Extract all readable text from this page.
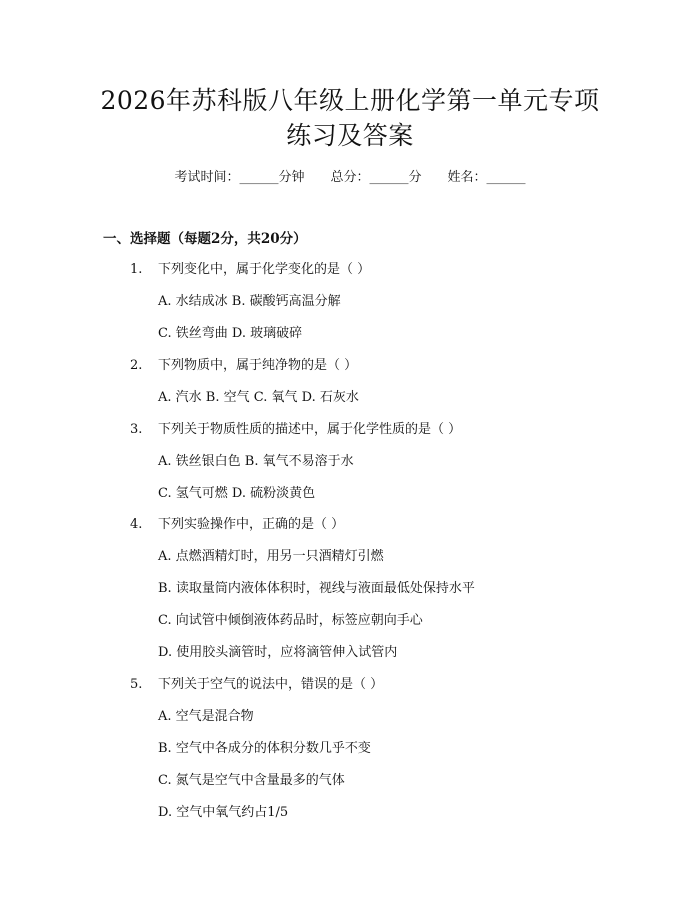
2026年苏科版八年级上册化学第一单元专项
练习及答案
考试时间：______分钟 总分：______分 姓名：______
一、选择题（每题2分，共20分）
1. 下列变化中，属于化学变化的是（ ）
A. 水结成冰 B. 碳酸钙高温分解
C. 铁丝弯曲 D. 玻璃破碎
2. 下列物质中，属于纯净物的是（ ）
A. 汽水 B. 空气 C. 氧气 D. 石灰水
3. 下列关于物质性质的描述中，属于化学性质的是（ ）
A. 铁丝银白色 B. 氧气不易溶于水
C. 氢气可燃 D. 硫粉淡黄色
4. 下列实验操作中，正确的是（ ）
A. 点燃酒精灯时，用另一只酒精灯引燃
B. 读取量筒内液体体积时，视线与液面最低处保持水平
C. 向试管中倾倒液体药品时，标签应朝向手心
D. 使用胶头滴管时，应将滴管伸入试管内
5. 下列关于空气的说法中，错误的是（ ）
A. 空气是混合物
B. 空气中各成分的体积分数几乎不变
C. 氮气是空气中含量最多的气体
D. 空气中氧气约占1/5
